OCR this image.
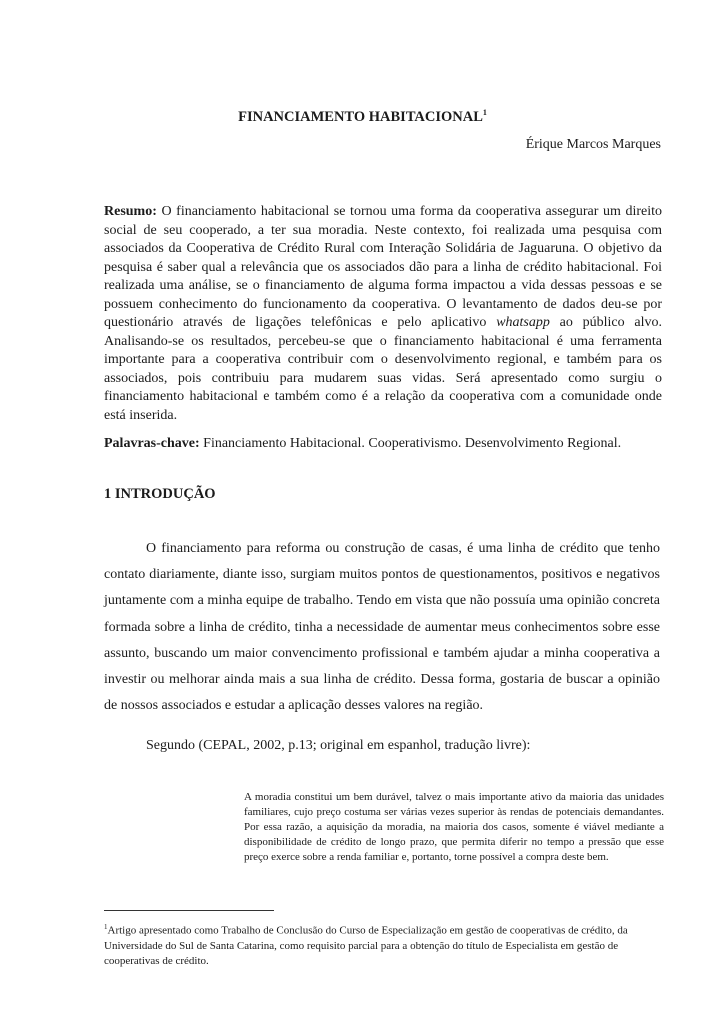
FINANCIAMENTO HABITACIONAL$^1$
Érique Marcos Marques

Resumo: O financiamento habitacional se tornou uma forma da cooperativa assegurar um direito social de seu cooperado, a ter sua moradia. Neste contexto, foi realizada uma pesquisa com associados da Cooperativa de Crédito Rural com Interação Solidária de Jaguaruna. O objetivo da pesquisa é saber qual a relevância que os associados dão para a linha de crédito habitacional. Foi realizada uma análise, se o financiamento de alguma forma impactou a vida dessas pessoas e se possuem conhecimento do funcionamento da cooperativa. O levantamento de dados deu-se por questionário através de ligações telefônicas e pelo aplicativo whatsapp ao público alvo. Analisando-se os resultados, percebeu-se que o financiamento habitacional é uma ferramenta importante para a cooperativa contribuir com o desenvolvimento regional, e também para os associados, pois contribuiu para mudarem suas vidas. Será apresentado como surgiu o financiamento habitacional e também como é a relação da cooperativa com a comunidade onde está inserida.

Palavras-chave: Financiamento Habitacional. Cooperativismo. Desenvolvimento Regional.

1 INTRODUÇÃO

O financiamento para reforma ou construção de casas, é uma linha de crédito que tenho contato diariamente, diante isso, surgiam muitos pontos de questionamentos, positivos e negativos juntamente com a minha equipe de trabalho. Tendo em vista que não possuía uma opinião concreta formada sobre a linha de crédito, tinha a necessidade de aumentar meus conhecimentos sobre esse assunto, buscando um maior convencimento profissional e também ajudar a minha cooperativa a investir ou melhorar ainda mais a sua linha de crédito. Dessa forma, gostaria de buscar a opinião de nossos associados e estudar a aplicação desses valores na região.

Segundo (CEPAL, 2002, p.13; original em espanhol, tradução livre):

A moradia constitui um bem durável, talvez o mais importante ativo da maioria das unidades familiares, cujo preço costuma ser várias vezes superior às rendas de potenciais demandantes. Por essa razão, a aquisição da moradia, na maioria dos casos, somente é viável mediante a disponibilidade de crédito de longo prazo, que permita diferir no tempo a pressão que esse preço exerce sobre a renda familiar e, portanto, torne possível a compra deste bem.

$^1$Artigo apresentado como Trabalho de Conclusão do Curso de Especialização em gestão de cooperativas de crédito, da Universidade do Sul de Santa Catarina, como requisito parcial para a obtenção do título de Especialista em gestão de cooperativas de crédito.
